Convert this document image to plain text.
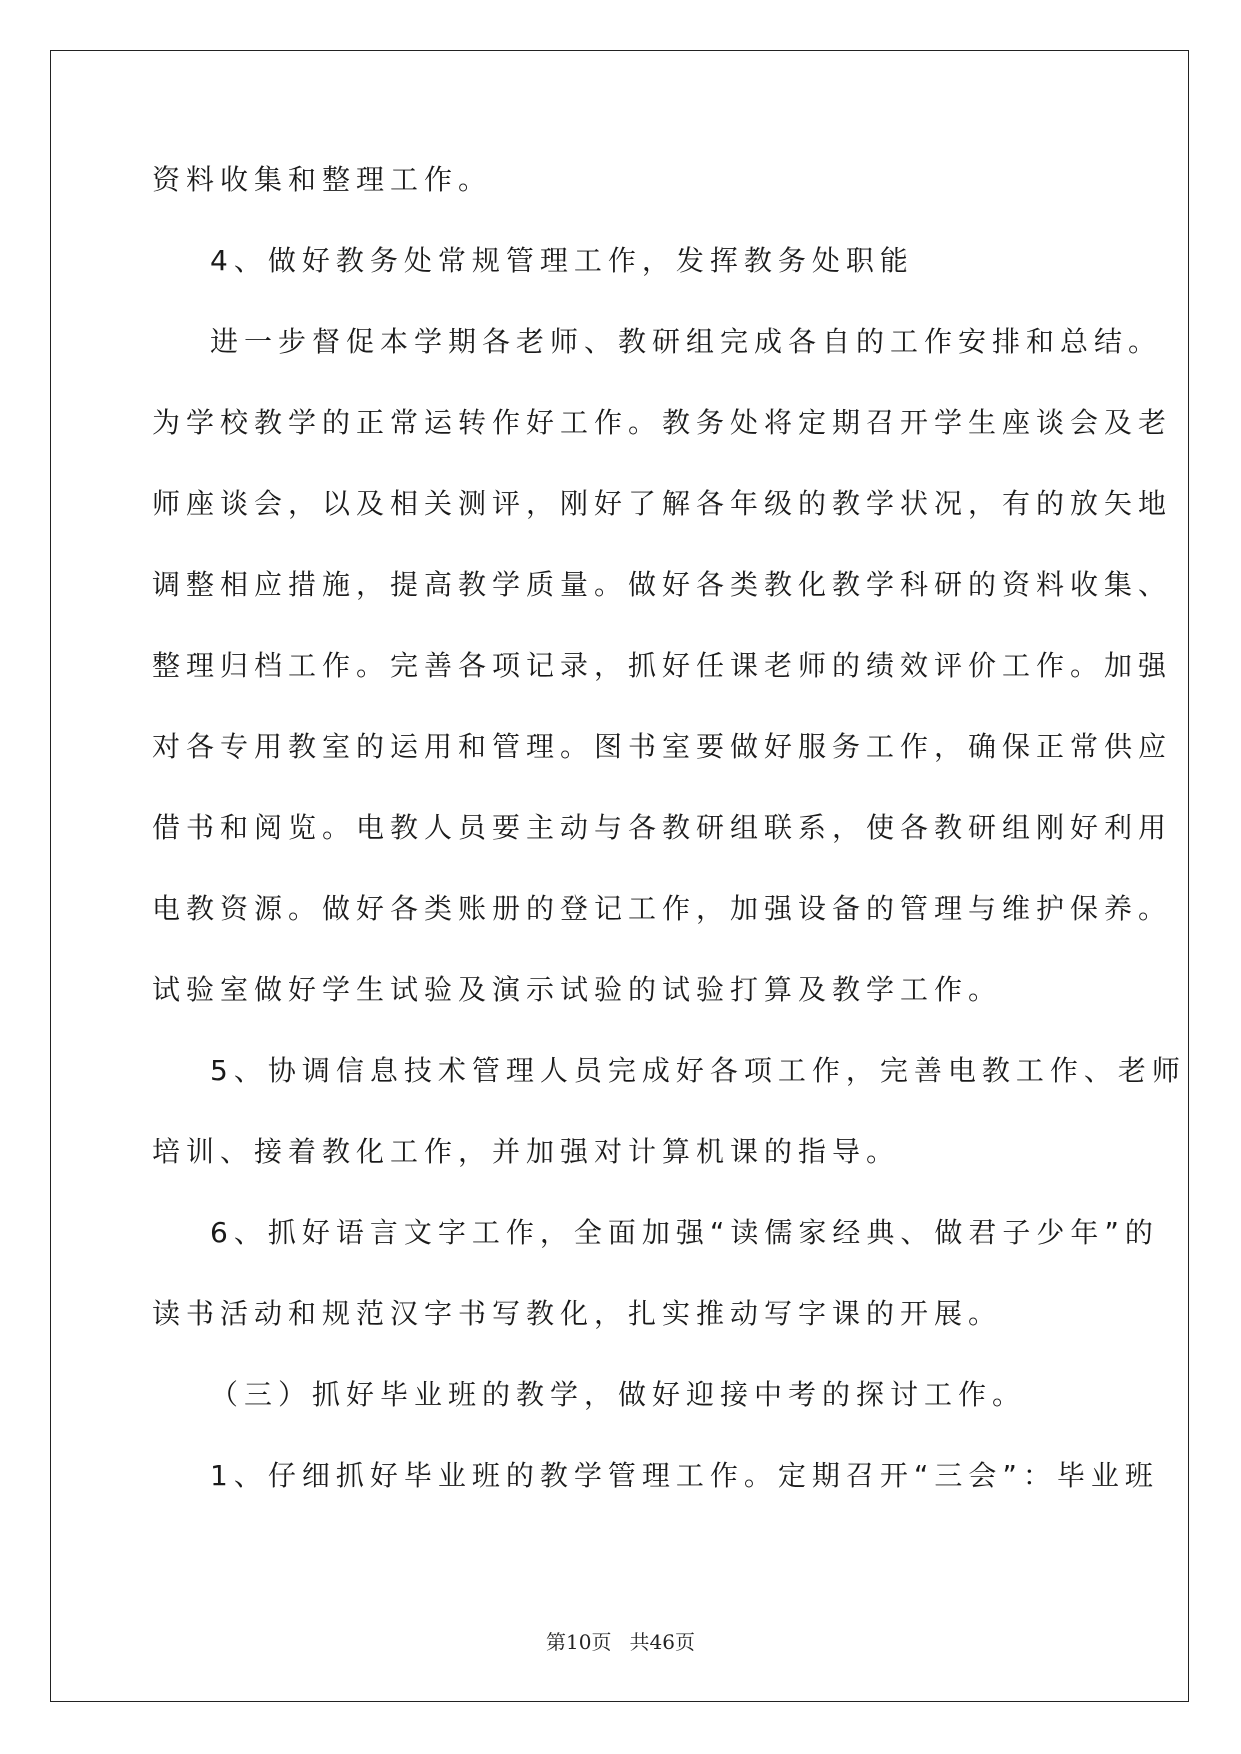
资料收集和整理工作。

4、做好教务处常规管理工作，发挥教务处职能

进一步督促本学期各老师、教研组完成各自的工作安排和总结。

为学校教学的正常运转作好工作。教务处将定期召开学生座谈会及老

师座谈会，以及相关测评，刚好了解各年级的教学状况，有的放矢地

调整相应措施，提高教学质量。做好各类教化教学科研的资料收集、

整理归档工作。完善各项记录，抓好任课老师的绩效评价工作。加强

对各专用教室的运用和管理。图书室要做好服务工作，确保正常供应

借书和阅览。电教人员要主动与各教研组联系，使各教研组刚好利用

电教资源。做好各类账册的登记工作，加强设备的管理与维护保养。

试验室做好学生试验及演示试验的试验打算及教学工作。

5、协调信息技术管理人员完成好各项工作，完善电教工作、老师

培训、接着教化工作，并加强对计算机课的指导。

6、抓好语言文字工作，全面加强“读儒家经典、做君子少年”的

读书活动和规范汉字书写教化，扎实推动写字课的开展。

（三）抓好毕业班的教学，做好迎接中考的探讨工作。

1、仔细抓好毕业班的教学管理工作。定期召开“三会”：毕业班

第10页 共46页
